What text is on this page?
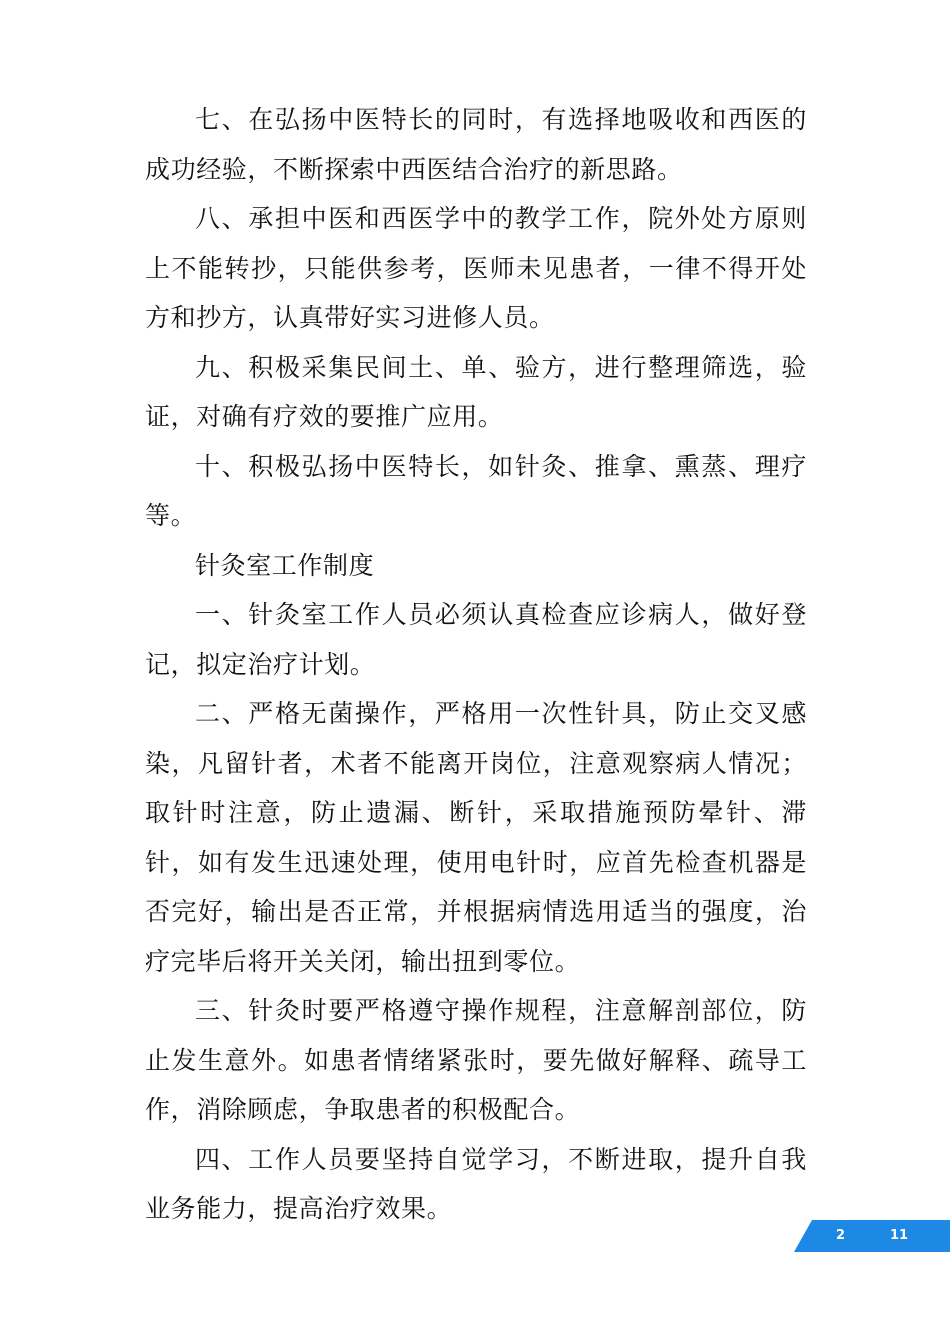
七、在弘扬中医特长的同时，有选择地吸收和西医的成功经验，不断探索中西医结合治疗的新思路。

八、承担中医和西医学中的教学工作，院外处方原则上不能转抄，只能供参考，医师未见患者，一律不得开处方和抄方，认真带好实习进修人员。

九、积极采集民间土、单、验方，进行整理筛选，验证，对确有疗效的要推广应用。

十、积极弘扬中医特长，如针灸、推拿、熏蒸、理疗等。

针灸室工作制度

一、针灸室工作人员必须认真检查应诊病人，做好登记，拟定治疗计划。

二、严格无菌操作，严格用一次性针具，防止交叉感染，凡留针者，术者不能离开岗位，注意观察病人情况；取针时注意，防止遗漏、断针，采取措施预防晕针、滞针，如有发生迅速处理，使用电针时，应首先检查机器是否完好，输出是否正常，并根据病情选用适当的强度，治疗完毕后将开关关闭，输出扭到零位。

三、针灸时要严格遵守操作规程，注意解剖部位，防止发生意外。如患者情绪紧张时，要先做好解释、疏导工作，消除顾虑，争取患者的积极配合。

四、工作人员要坚持自觉学习，不断进取，提升自我业务能力，提高治疗效果。

2	11
